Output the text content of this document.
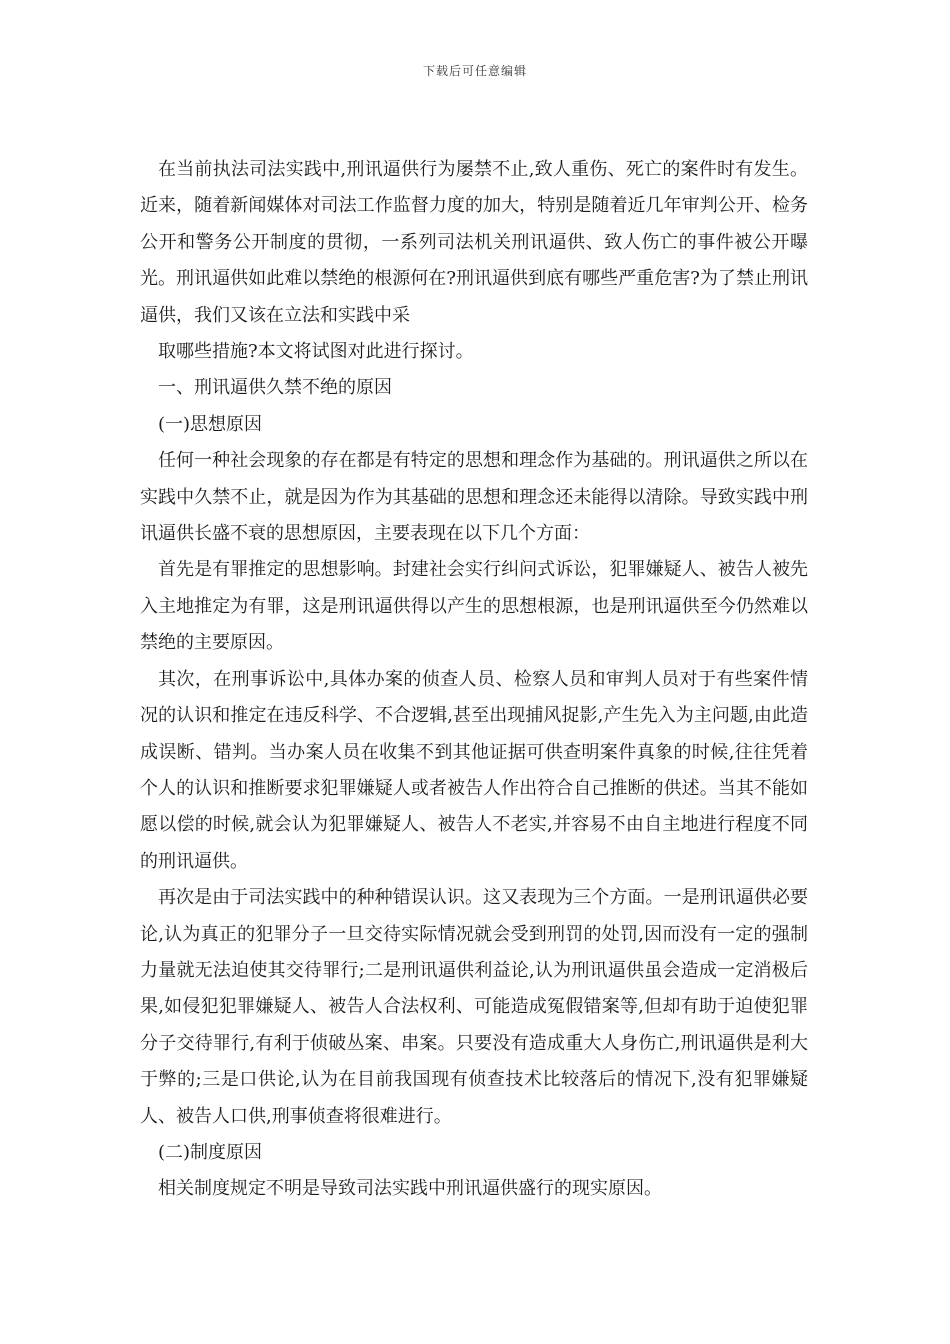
下载后可任意编辑

在当前执法司法实践中,刑讯逼供行为屡禁不止,致人重伤、死亡的案件时有发生。近来，随着新闻媒体对司法工作监督力度的加大，特别是随着近几年审判公开、检务公开和警务公开制度的贯彻，一系列司法机关刑讯逼供、致人伤亡的事件被公开曝光。刑讯逼供如此难以禁绝的根源何在?刑讯逼供到底有哪些严重危害?为了禁止刑讯逼供，我们又该在立法和实践中采

取哪些措施?本文将试图对此进行探讨。

一、刑讯逼供久禁不绝的原因

(一)思想原因

任何一种社会现象的存在都是有特定的思想和理念作为基础的。刑讯逼供之所以在实践中久禁不止，就是因为作为其基础的思想和理念还未能得以清除。导致实践中刑讯逼供长盛不衰的思想原因，主要表现在以下几个方面：

首先是有罪推定的思想影响。封建社会实行纠问式诉讼，犯罪嫌疑人、被告人被先入主地推定为有罪，这是刑讯逼供得以产生的思想根源，也是刑讯逼供至今仍然难以禁绝的主要原因。

其次，在刑事诉讼中,具体办案的侦查人员、检察人员和审判人员对于有些案件情况的认识和推定在违反科学、不合逻辑,甚至出现捕风捉影,产生先入为主问题,由此造成误断、错判。当办案人员在收集不到其他证据可供查明案件真象的时候,往往凭着个人的认识和推断要求犯罪嫌疑人或者被告人作出符合自己推断的供述。当其不能如愿以偿的时候,就会认为犯罪嫌疑人、被告人不老实,并容易不由自主地进行程度不同的刑讯逼供。

再次是由于司法实践中的种种错误认识。这又表现为三个方面。一是刑讯逼供必要论,认为真正的犯罪分子一旦交待实际情况就会受到刑罚的处罚,因而没有一定的强制力量就无法迫使其交待罪行;二是刑讯逼供利益论,认为刑讯逼供虽会造成一定消极后果,如侵犯犯罪嫌疑人、被告人合法权利、可能造成冤假错案等,但却有助于迫使犯罪分子交待罪行,有利于侦破丛案、串案。只要没有造成重大人身伤亡,刑讯逼供是利大于弊的;三是口供论,认为在目前我国现有侦查技术比较落后的情况下,没有犯罪嫌疑人、被告人口供,刑事侦查将很难进行。

(二)制度原因

相关制度规定不明是导致司法实践中刑讯逼供盛行的现实原因。
